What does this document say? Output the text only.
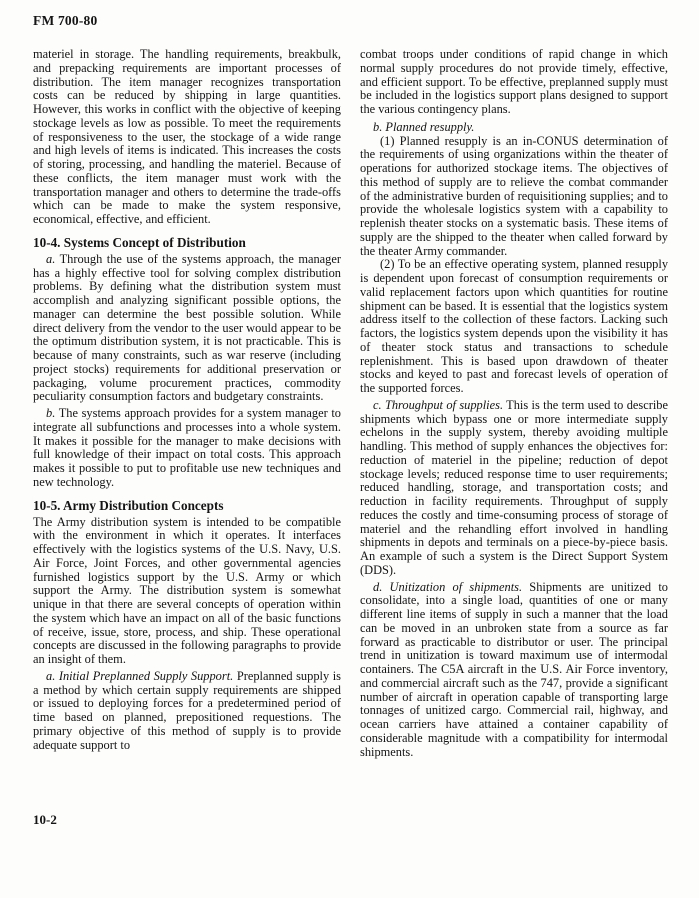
FM 700-80

materiel in storage. The handling requirements, breakbulk, and prepacking requirements are important processes of distribution. The item manager recognizes transportation costs can be reduced by shipping in large quantities. However, this works in conflict with the objective of keeping stockage levels as low as possible. To meet the requirements of responsiveness to the user, the stockage of a wide range and high levels of items is indicated. This increases the costs of storing, processing, and handling the materiel. Because of these conflicts, the item manager must work with the transportation manager and others to determine the trade-offs which can be made to make the system responsive, economical, effective, and efficient.

10-4. Systems Concept of Distribution

a. Through the use of the systems approach, the manager has a highly effective tool for solving complex distribution problems. By defining what the distribution system must accomplish and analyzing significant possible options, the manager can determine the best possible solution. While direct delivery from the vendor to the user would appear to be the optimum distribution system, it is not practicable. This is because of many constraints, such as war reserve (including project stocks) requirements for additional preservation or packaging, volume procurement practices, commodity peculiarity consumption factors and budgetary constraints.

b. The systems approach provides for a system manager to integrate all subfunctions and processes into a whole system. It makes it possible for the manager to make decisions with full knowledge of their impact on total costs. This approach makes it possible to put to profitable use new techniques and new technology.

10-5. Army Distribution Concepts

The Army distribution system is intended to be compatible with the environment in which it operates. It interfaces effectively with the logistics systems of the U.S. Navy, U.S. Air Force, Joint Forces, and other governmental agencies furnished logistics support by the U.S. Army or which support the Army. The distribution system is somewhat unique in that there are several concepts of operation within the system which have an impact on all of the basic functions of receive, issue, store, process, and ship. These operational concepts are discussed in the following paragraphs to provide an insight of them.

a. Initial Preplanned Supply Support. Preplanned supply is a method by which certain supply requirements are shipped or issued to deploying forces for a predetermined period of time based on planned, prepositioned requestions. The primary objective of this method of supply is to provide adequate support to

combat troops under conditions of rapid change in which normal supply procedures do not provide timely, effective, and efficient support. To be effective, preplanned supply must be included in the logistics support plans designed to support the various contingency plans.

b. Planned resupply.

(1) Planned resupply is an in-CONUS determination of the requirements of using organizations within the theater of operations for authorized stockage items. The objectives of this method of supply are to relieve the combat commander of the administrative burden of requisitioning supplies; and to provide the wholesale logistics system with a capability to replenish theater stocks on a systematic basis. These items of supply are the shipped to the theater when called forward by the theater Army commander.

(2) To be an effective operating system, planned resupply is dependent upon forecast of consumption requirements or valid replacement factors upon which quantities for routine shipment can be based. It is essential that the logistics system address itself to the collection of these factors. Lacking such factors, the logistics system depends upon the visibility it has of theater stock status and transactions to schedule replenishment. This is based upon drawdown of theater stocks and keyed to past and forecast levels of operation of the supported forces.

c. Throughput of supplies. This is the term used to describe shipments which bypass one or more intermediate supply echelons in the supply system, thereby avoiding multiple handling. This method of supply enhances the objectives for: reduction of materiel in the pipeline; reduction of depot stockage levels; reduced response time to user requirements; reduced handling, storage, and transportation costs; and reduction in facility requirements. Throughput of supply reduces the costly and time-consuming process of storage of materiel and the rehandling effort involved in handling shipments in depots and terminals on a piece-by-piece basis. An example of such a system is the Direct Support System (DDS).

d. Unitization of shipments. Shipments are unitized to consolidate, into a single load, quantities of one or many different line items of supply in such a manner that the load can be moved in an unbroken state from a source as far forward as practicable to distributor or user. The principal trend in unitization is toward maximum use of intermodal containers. The C5A aircraft in the U.S. Air Force inventory, and commercial aircraft such as the 747, provide a significant number of aircraft in operation capable of transporting large tonnages of unitized cargo. Commercial rail, highway, and ocean carriers have attained a container capability of considerable magnitude with a compatibility for intermodal shipments.

10-2
